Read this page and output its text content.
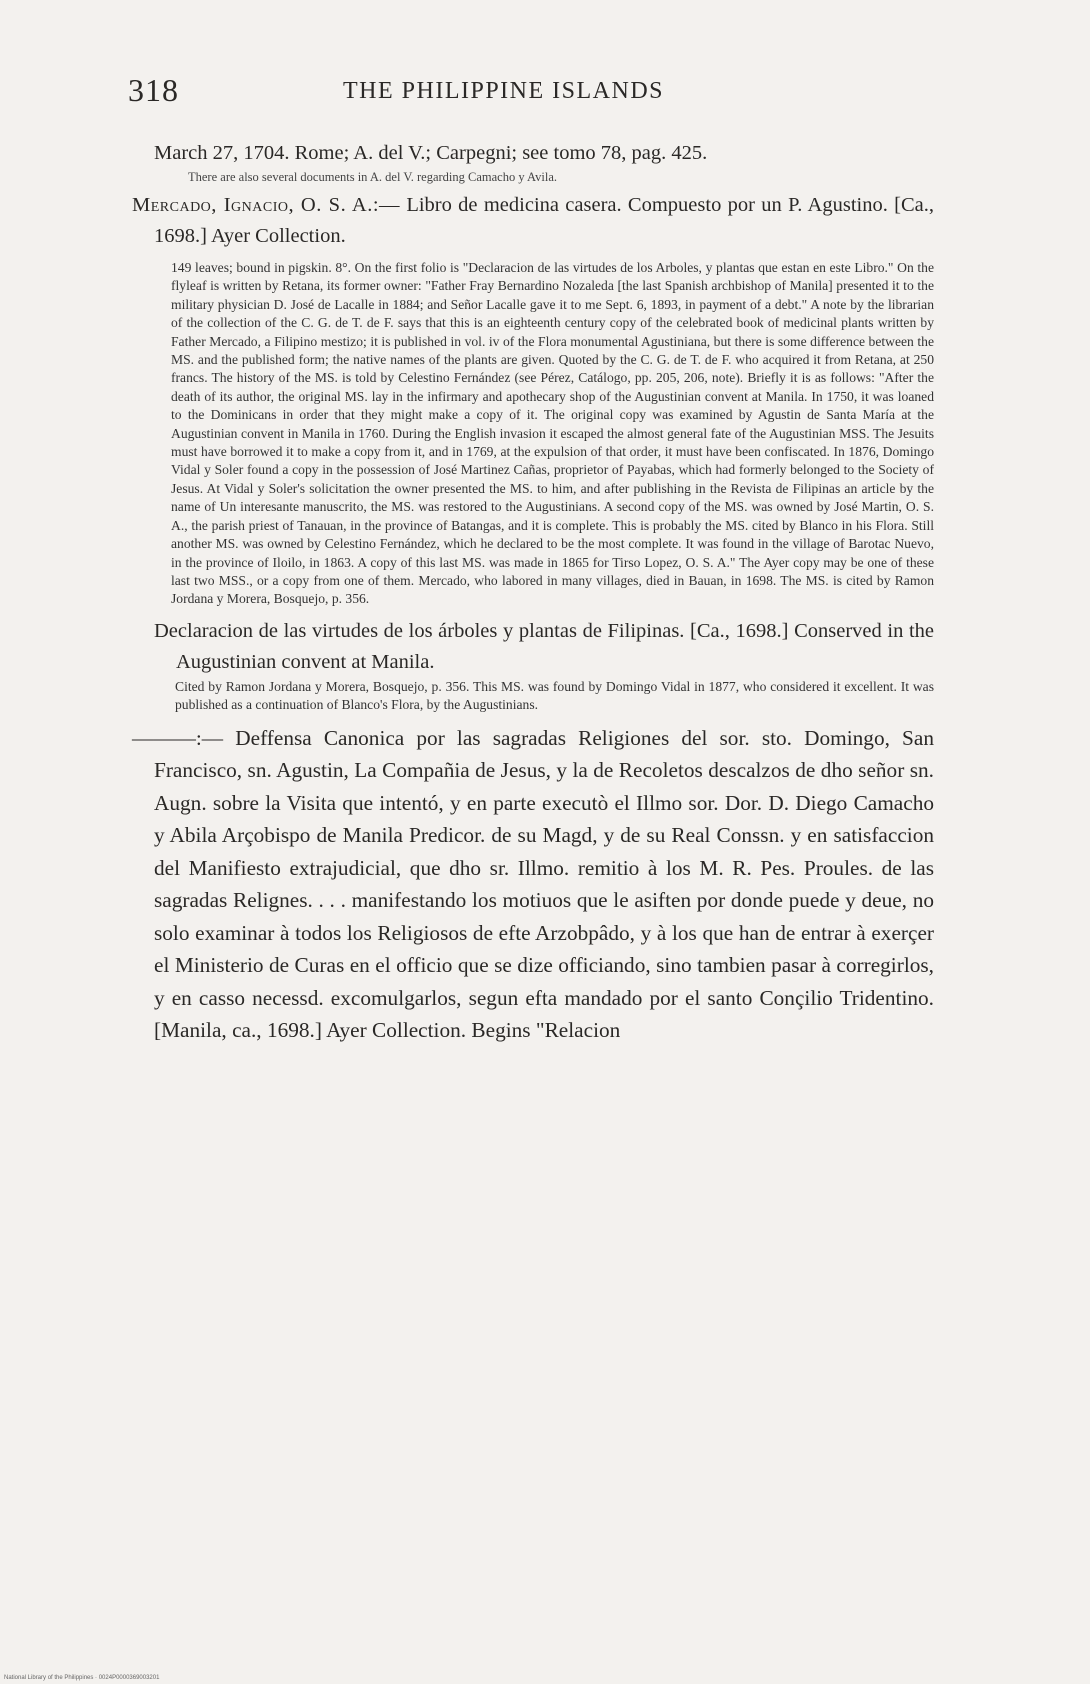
318	THE PHILIPPINE ISLANDS

March 27, 1704. Rome; A. del V.; Carpegni; see tomo 78, pag. 425.

There are also several documents in A. del V. regarding Camacho y Avila.

Mercado, Ignacio, O. S. A.:— Libro de medicina casera. Compuesto por un P. Agustino. [Ca., 1698.] Ayer Collection.

149 leaves; bound in pigskin. 8°. On the first folio is "Declaracion de las virtudes de los Arboles, y plantas que estan en este Libro." On the flyleaf is written by Retana, its former owner: "Father Fray Bernardino Nozaleda [the last Spanish archbishop of Manila] presented it to the military physician D. José de Lacalle in 1884; and Señor Lacalle gave it to me Sept. 6, 1893, in payment of a debt." A note by the librarian of the collection of the C. G. de T. de F. says that this is an eighteenth century copy of the celebrated book of medicinal plants written by Father Mercado, a Filipino mestizo; it is published in vol. iv of the Flora monumental Agustiniana, but there is some difference between the MS. and the published form; the native names of the plants are given. Quoted by the C. G. de T. de F. who acquired it from Retana, at 250 francs. The history of the MS. is told by Celestino Fernández (see Pérez, Catálogo, pp. 205, 206, note). Briefly it is as follows: "After the death of its author, the original MS. lay in the infirmary and apothecary shop of the Augustinian convent at Manila. In 1750, it was loaned to the Dominicans in order that they might make a copy of it. The original copy was examined by Agustin de Santa María at the Augustinian convent in Manila in 1760. During the English invasion it escaped the almost general fate of the Augustinian MSS. The Jesuits must have borrowed it to make a copy from it, and in 1769, at the expulsion of that order, it must have been confiscated. In 1876, Domingo Vidal y Soler found a copy in the possession of José Martinez Cañas, proprietor of Payabas, which had formerly belonged to the Society of Jesus. At Vidal y Soler's solicitation the owner presented the MS. to him, and after publishing in the Revista de Filipinas an article by the name of Un interesante manuscrito, the MS. was restored to the Augustinians. A second copy of the MS. was owned by José Martin, O. S. A., the parish priest of Tanauan, in the province of Batangas, and it is complete. This is probably the MS. cited by Blanco in his Flora. Still another MS. was owned by Celestino Fernández, which he declared to be the most complete. It was found in the village of Barotac Nuevo, in the province of Iloilo, in 1863. A copy of this last MS. was made in 1865 for Tirso Lopez, O. S. A." The Ayer copy may be one of these last two MSS., or a copy from one of them. Mercado, who labored in many villages, died in Bauan, in 1698. The MS. is cited by Ramon Jordana y Morera, Bosquejo, p. 356.

Declaracion de las virtudes de los árboles y plantas de Filipinas. [Ca., 1698.] Conserved in the Augustinian convent at Manila.

Cited by Ramon Jordana y Morera, Bosquejo, p. 356. This MS. was found by Domingo Vidal in 1877, who considered it excellent. It was published as a continuation of Blanco's Flora, by the Augustinians.

———:— Deffensa Canonica por las sagradas Religiones del sor. sto. Domingo, San Francisco, sn. Agustin, La Compañia de Jesus, y la de Recoletos descalzos de dho señor sn. Augn. sobre la Visita que intentó, y en parte executò el Illmo sor. Dor. D. Diego Camacho y Abila Arçobispo de Manila Predicor. de su Magd, y de su Real Conssn. y en satisfaccion del Manifiesto extrajudicial, que dho sr. Illmo. remitio à los M. R. Pes. Proules. de las sagradas Relignes. . . . manifestando los motiuos que le asiften por donde puede y deue, no solo examinar à todos los Religiosos de efte Arzobpâdo, y à los que han de entrar à exerçer el Ministerio de Curas en el officio que se dize officiando, sino tambien pasar à corregirlos, y en casso necessd. excomulgarlos, segun efta mandado por el santo Conçilio Tridentino. [Manila, ca., 1698.] Ayer Collection. Begins "Relacion

National Library of the Philippines · 0024P0000369003201
